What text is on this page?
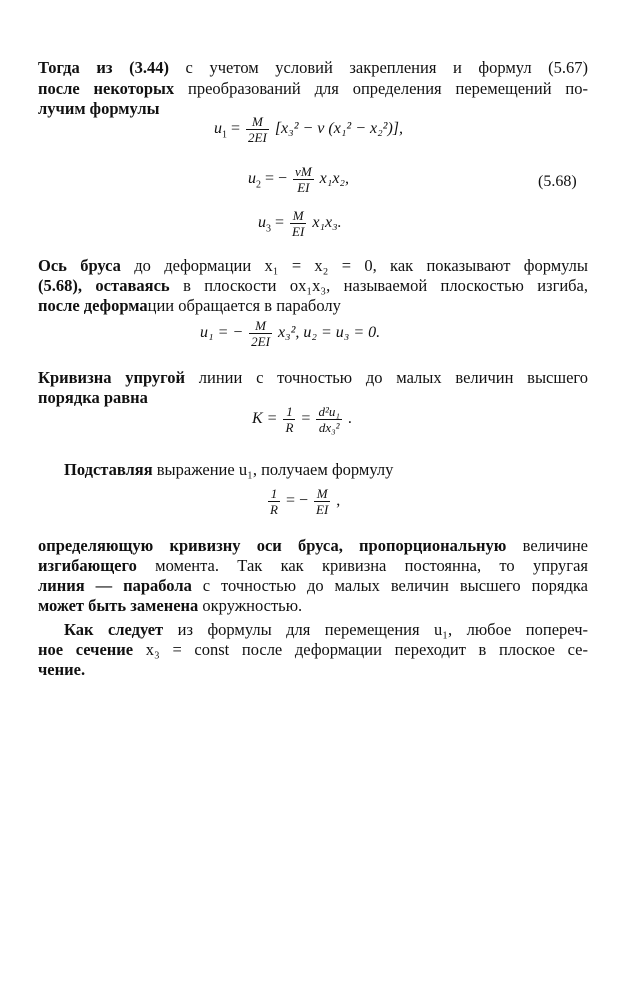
Тогда из (3.44) с учетом условий закрепления и формул (5.67)
после некоторых преобразований для определения перемещений по-
лучим формулы
$u_1 = \frac{M}{2EI} [x_3^2 - \nu$ (x₁² − x₂²)],
$u_2$ = − $\frac{\nu M}{EI} x_1x_2$,	(5.68)
$u_3 = \frac{M}{EI} x_1x_3$.
Ось бруса до деформации x₁ = x₂ = 0, как показывают формулы
(5.68), оставаясь в плоскости ox₁x₃, называемой плоскостью изгиба,
после деформации обращается в параболу
u₁ = − $\frac{M}{2EI} x_3^2$, u₂ = u₃ = 0.
Кривизна упругой линии с точностью до малых величин высшего
порядка равна
$K = \frac{1}{R} = \frac{\text{d²u₁}}{\text{dx₃²}}$ .
Подставляя выражение u₁, получаем формулу
$\frac{1}{R}$ = − $\frac{M}{EI}$ ,
определяющую кривизну оси бруса, пропорциональную величине
изгибающего момента. Так как кривизна постоянна, то упругая
линия — парабола с точностью до малых величин высшего порядка
может быть заменена окружностью.
Как следует из формулы для перемещения u₁, любое попереч-
ное сечение x₃ = const после деформации переходит в плоское се-
чение.
